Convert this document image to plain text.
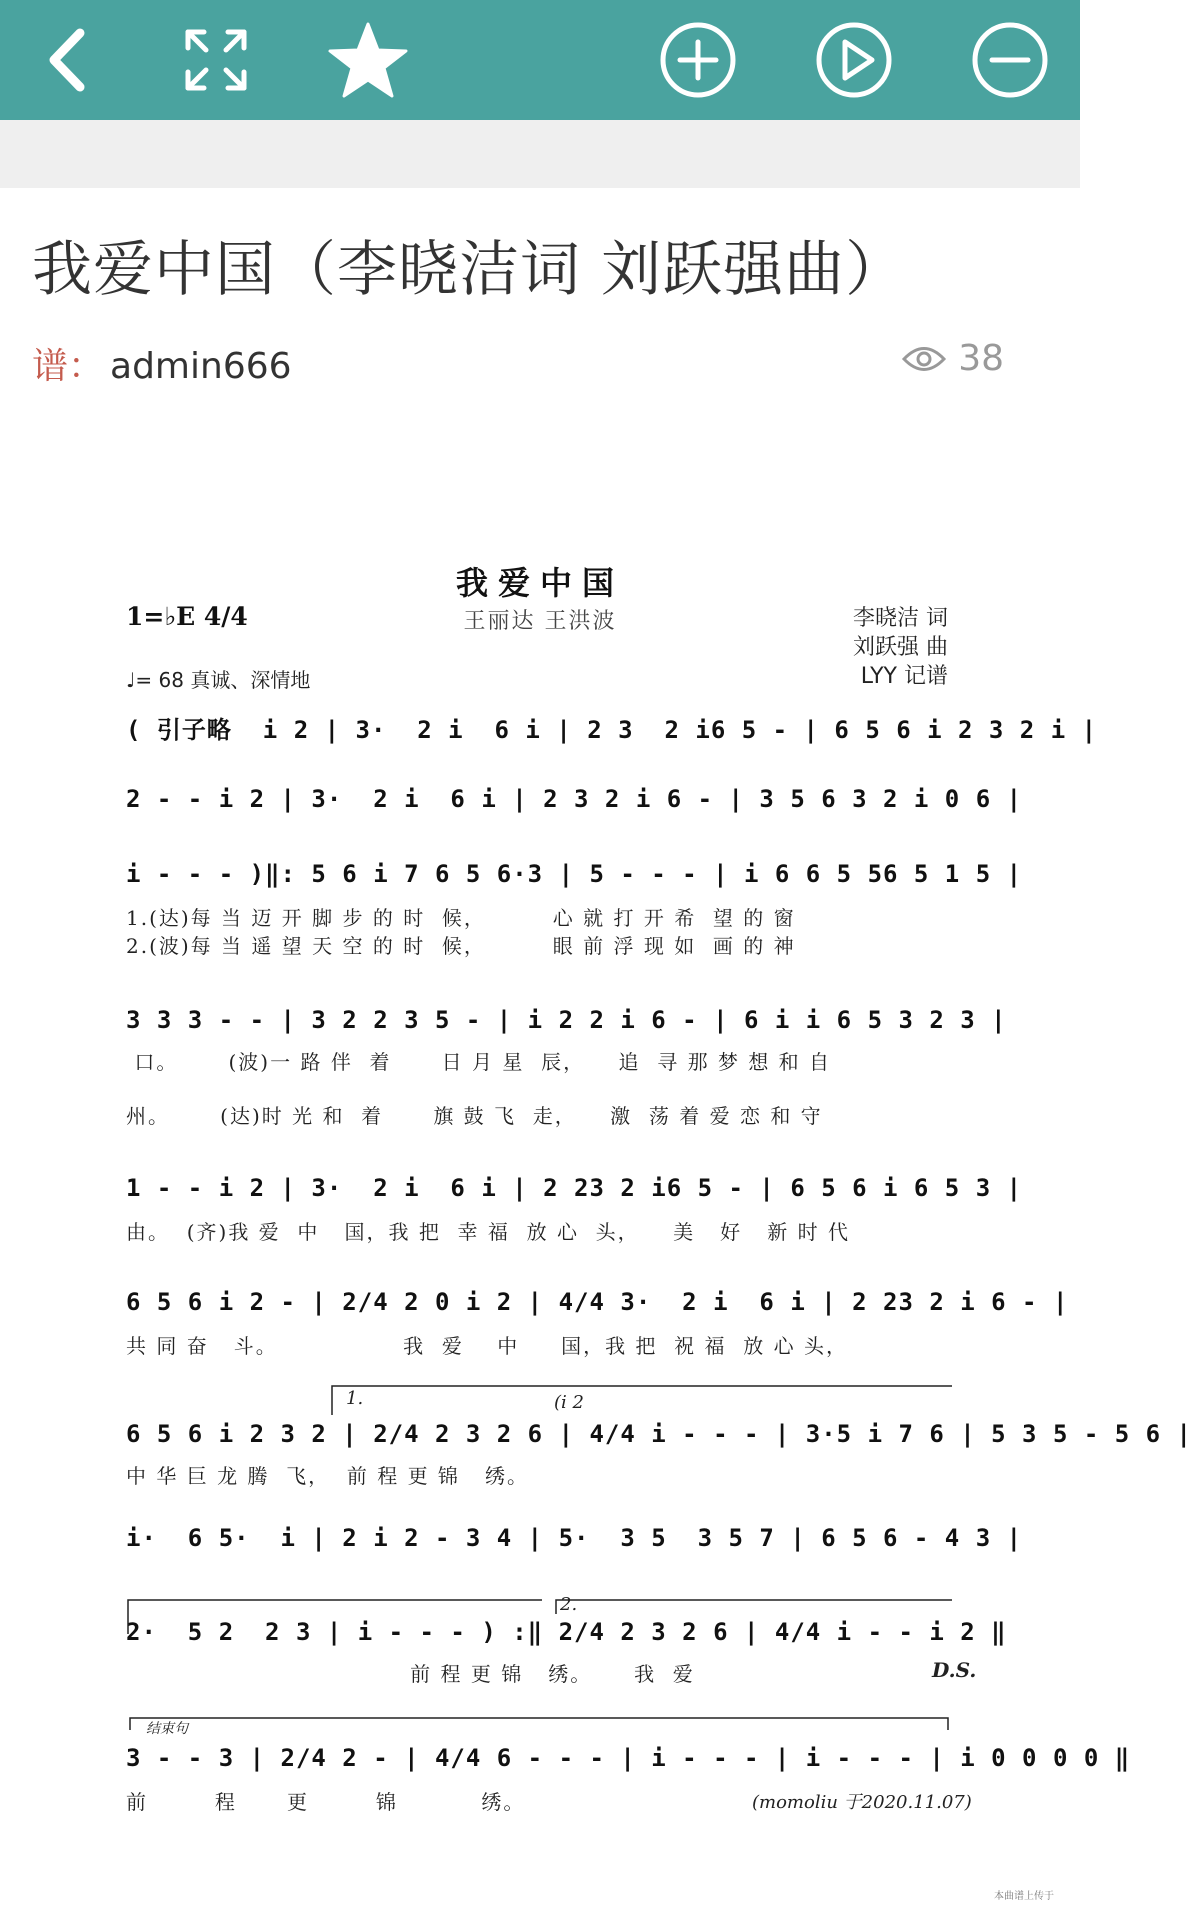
我爱中国（李晓洁词 刘跃强曲）
谱： admin666	38
我爱中国
1=♭E 4/4	王丽达 王洪波	李晓洁 词
刘跃强 曲
LYY 记谱
♩= 68 真诚、深情地
( 引子略  i 2 | 3·  2 i  6 i | 2 3  2 i6 5 - | 6 5 6 i 2 3 2 i |
2 - - i 2 | 3·  2 i  6 i | 2 3 2 i 6 - | 3 5 6 3 2 i 0 6 |
i - - - )‖: 5 6 i 7 6 5 6·3 | 5 - - - | i 6 6 5 56 5 1 5 |
1.(达)每 当 迈 开 脚 步 的 时  候，        心 就 打 开 希  望 的 窗
2.(波)每 当 遥 望 天 空 的 时  候，        眼 前 浮 现 如  画 的 神
3 3 3 - - | 3 2 2 3 5 - | i 2 2 i 6 - | 6 i i 6 5 3 2 3 |
口。      (波)一 路 伴  着      日 月 星  辰，    追  寻 那 梦 想 和 自
州。      (达)时 光 和  着      旗 鼓 飞  走，    激  荡 着 爱 恋 和 守
1 - - i 2 | 3·  2 i  6 i | 2 23 2 i6 5 - | 6 5 6 i 6 5 3 |
由。  (齐)我 爱  中   国，我 把  幸 福  放 心  头，    美   好   新 时 代
6 5 6 i 2 - | 2/4 2 0 i 2 | 4/4 3·  2 i  6 i | 2 23 2 i 6 - |
共 同 奋   斗。               我  爱    中     国，我 把  祝 福  放 心 头，
(i 2
1.
6 5 6 i 2 3 2 | 2/4 2 3 2 6 | 4/4 i - - - | 3·5 i 7 6 | 5 3 5 - 5 6 |
中 华 巨 龙 腾  飞，  前 程 更 锦   绣。
i·  6 5·  i | 2 i 2 - 3 4 | 5·  3 5  3 5 7 | 6 5 6 - 4 3 |
2.
2·  5 2  2 3 | i - - - ) :‖ 2/4 2 3 2 6 | 4/4 i - - i 2 ‖
前 程 更 锦   绣。     我  爱	D.S.
结束句
3 - - 3 | 2/4 2 - | 4/4 6 - - - | i - - - | i - - - | i 0 0 0 0 ‖
前        程      更        锦          绣。	(momoliu 于2020.11.07)
本曲谱上传于
